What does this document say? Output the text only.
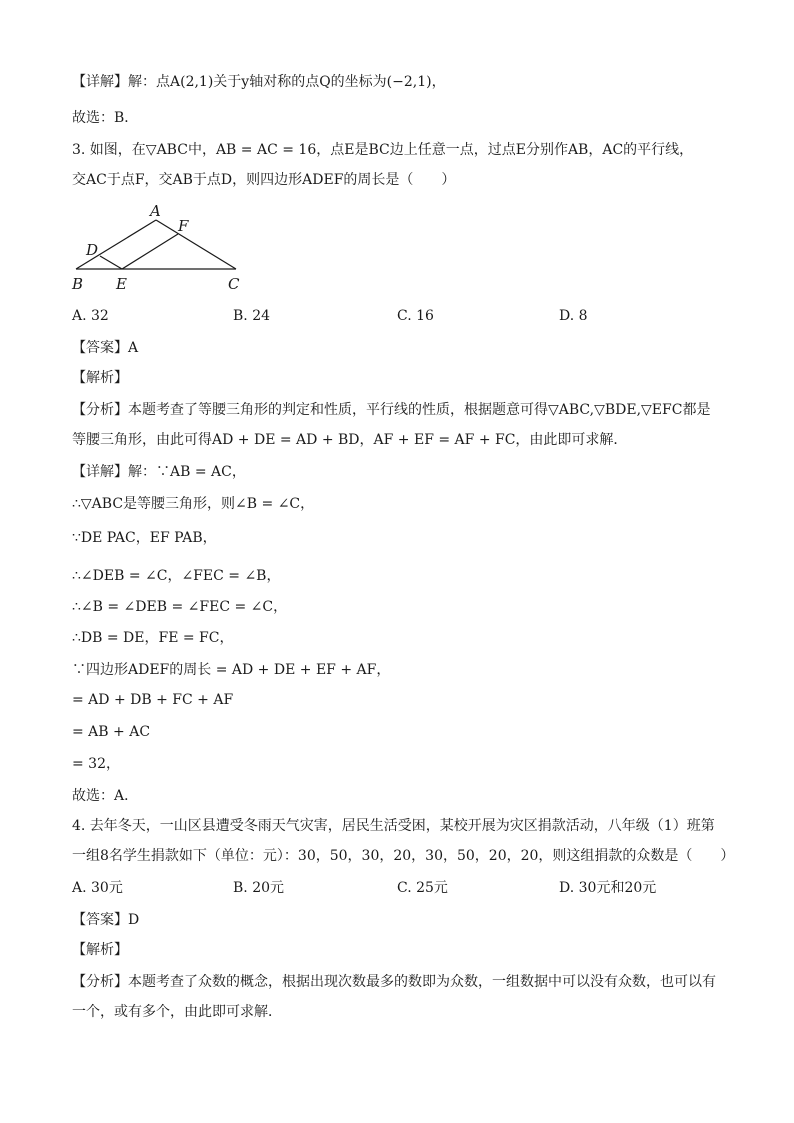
【详解】解：点A(2,1)关于y轴对称的点Q的坐标为(−2,1)，
故选：B．
3. 如图，在▽ABC中，AB = AC = 16，点E是BC边上任意一点，过点E分别作AB，AC的平行线，
交AC于点F，交AB于点D，则四边形ADEF的周长是（　　）
A
F
D
B E	C
A. 32	B. 24	C. 16	D. 8
【答案】A
【解析】
【分析】本题考查了等腰三角形的判定和性质，平行线的性质，根据题意可得▽ABC,▽BDE,▽EFC都是
等腰三角形，由此可得AD + DE = AD + BD，AF + EF = AF + FC，由此即可求解．
【详解】解：∵AB = AC，
∴▽ABC是等腰三角形，则∠B = ∠C，
∵DE PAC，EF PAB，
∴∠DEB = ∠C，∠FEC = ∠B，
∴∠B = ∠DEB = ∠FEC = ∠C，
∴DB = DE，FE = FC，
∵四边形ADEF的周长 = AD + DE + EF + AF，
= AD + DB + FC + AF
= AB + AC
= 32，
故选：A．
4. 去年冬天，一山区县遭受冬雨天气灾害，居民生活受困，某校开展为灾区捐款活动，八年级（1）班第
一组8名学生捐款如下（单位：元）：30，50，30，20，30，50，20，20，则这组捐款的众数是（　　）
A. 30元	B. 20元	C. 25元	D. 30元和20元
【答案】D
【解析】
【分析】本题考查了众数的概念，根据出现次数最多的数即为众数，一组数据中可以没有众数，也可以有
一个，或有多个，由此即可求解．
